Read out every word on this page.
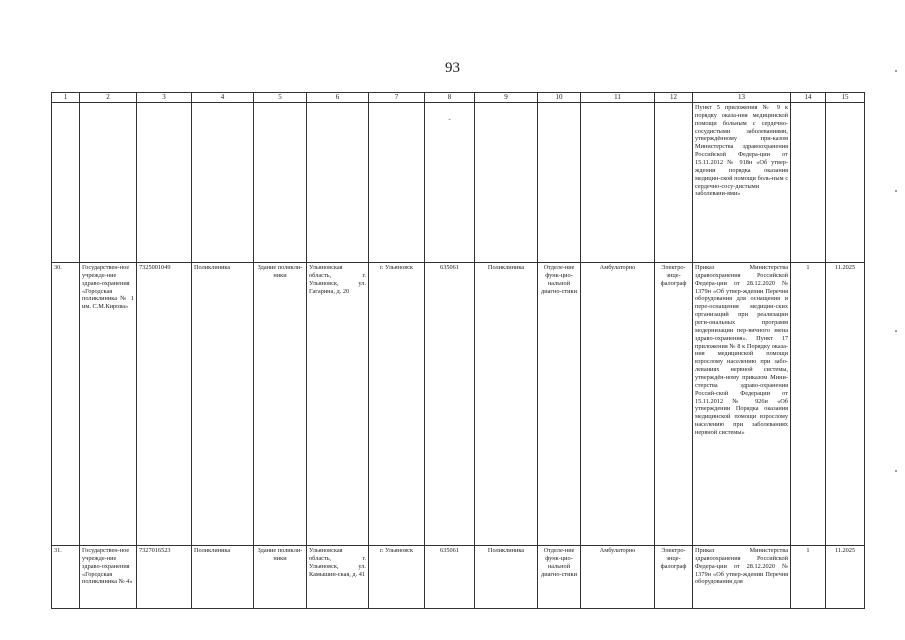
93
1	2	3	4	5	6	7	8	9	10	11	12	13	14	15

							-					Пункт 5 приложения № 9 к порядку оказа-ния медицинской помощи больным с сердечно-сосудистыми заболеваниями, утверждённому при-казом Министерства здравоохранения Российской Федера-ции от 15.11.2012 № 918н «Об утвер-ждении порядка оказания медицин-ской помощи боль-ным с сердечно-сосу-дистыми заболевани-ями»		
30.	Государствен-ное учрежде-ние здраво-охранения «Городская поликлиника № 1 им. С.М.Кирова»	7325001049	Поликлиника	Здание поликли-ники	Ульяновская область, г. Ульяновск, ул. Гагарина, д. 20	г. Ульяновск	635061	Поликлиника	Отделе-ние функ-цио-нальной диагно-стики	Амбулаторно	Электро-энце-фалограф	Приказ Министерства здравоохранения Российской Федера-ции от 28.12.2020 № 1379н «Об утвер-ждении Перечня оборудования для оснащения и пере-оснащения медицин-ских организаций при реализации реги-ональных программ модернизации пер-вичного звена здраво-охранения». Пункт 17 приложения № 8 к Порядку оказа-ния медицинской помощи взрослому населению при забо-леваниях нервной системы, утверждён-ному приказом Мини-стерства здраво-охранения Россий-ской Федерации от 15.11.2012 № 926н «Об утверждении Порядка оказания медицинской помощи взрослому населению при заболеваниях нервной системы»	1	11.2025
31.	Государствен-ное учрежде-ние здраво-охранения «Городская поликлиника № 4»	7327016523	Поликлиника	Здание поликли-ники	Ульяновская область, г. Ульяновск, ул. Камышин-ская, д. 41	г. Ульяновск	635061	Поликлиника	Отделе-ние функ-цио-нальной диагно-стики	Амбулаторно	Электро-энце-фалограф	Приказ Министерства здравоохранения Российской Федера-ции от 28.12.2020 № 1379н «Об утвер-ждении Перечня оборудования для	1	11.2025
